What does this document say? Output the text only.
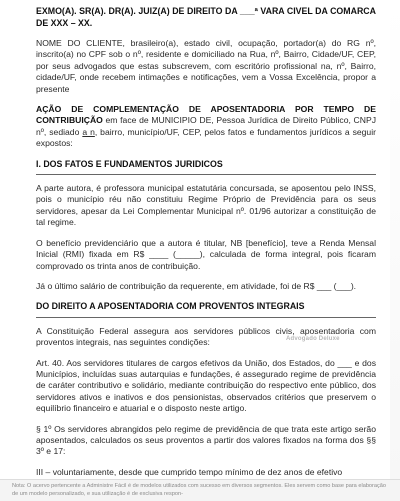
EXMO(A). SR(A). DR(A). JUIZ(A) DE DIREITO DA ___ª VARA CIVEL DA COMARCA DE XXX – XX.

NOME DO CLIENTE, brasileiro(a), estado civil, ocupação, portador(a) do RG nº, inscrito(a) no CPF sob o nº, residente e domiciliado na Rua, nº, Bairro, Cidade/UF, CEP, por seus advogados que estas subscrevem, com escritório profissional na, nº, Bairro, cidade/UF, onde recebem intimações e notificações, vem a Vossa Excelência, propor a presente

AÇÃO DE COMPLEMENTAÇÃO DE APOSENTADORIA POR TEMPO DE CONTRIBUIÇÃO em face de MUNICIPIO DE, Pessoa Jurídica de Direito Público, CNPJ nº, sediado a n, bairro, município/UF, CEP, pelos fatos e fundamentos jurídicos a seguir expostos:

I. DOS FATOS E FUNDAMENTOS JURIDICOS

A parte autora, é professora municipal estatutária concursada, se aposentou pelo INSS, pois o município réu não constituiu Regime Próprio de Previdência para os seus servidores, apesar da Lei Complementar Municipal nº. 01/96 autorizar a constituição de tal regime.

O benefício previdenciário que a autora é titular, NB [benefício], teve a Renda Mensal Inicial (RMI) fixada em R$ ____ (_____), calculada de forma integral, pois ficaram comprovado os trinta anos de contribuição.

Já o último salário de contribuição da requerente, em atividade, foi de R$ ___ (___).

DO DIREITO A APOSENTADORIA COM PROVENTOS INTEGRAIS

A Constituição Federal assegura aos servidores públicos civis, aposentadoria com proventos integrais, nas seguintes condições:

Art. 40. Aos servidores titulares de cargos efetivos da União, dos Estados, do ___ e dos Municípios, incluídas suas autarquias e fundações, é assegurado regime de previdência de caráter contributivo e solidário, mediante contribuição do respectivo ente público, dos servidores ativos e inativos e dos pensionistas, observados critérios que preservem o equilíbrio financeiro e atuarial e o disposto neste artigo.

§ 1º Os servidores abrangidos pelo regime de previdência de que trata este artigo serão aposentados, calculados os seus proventos a partir dos valores fixados na forma dos §§ 3º e 17:

III – voluntariamente, desde que cumprido tempo mínimo de dez anos de efetivo

Advogado Deluxe
Nota: O acervo pertencente a Administre Fácil é de modelos utilizados com sucesso em diversos segmentos. Eles servem como base para elaboração de um modelo personalizado, e sua utilização é de exclusiva respon-
